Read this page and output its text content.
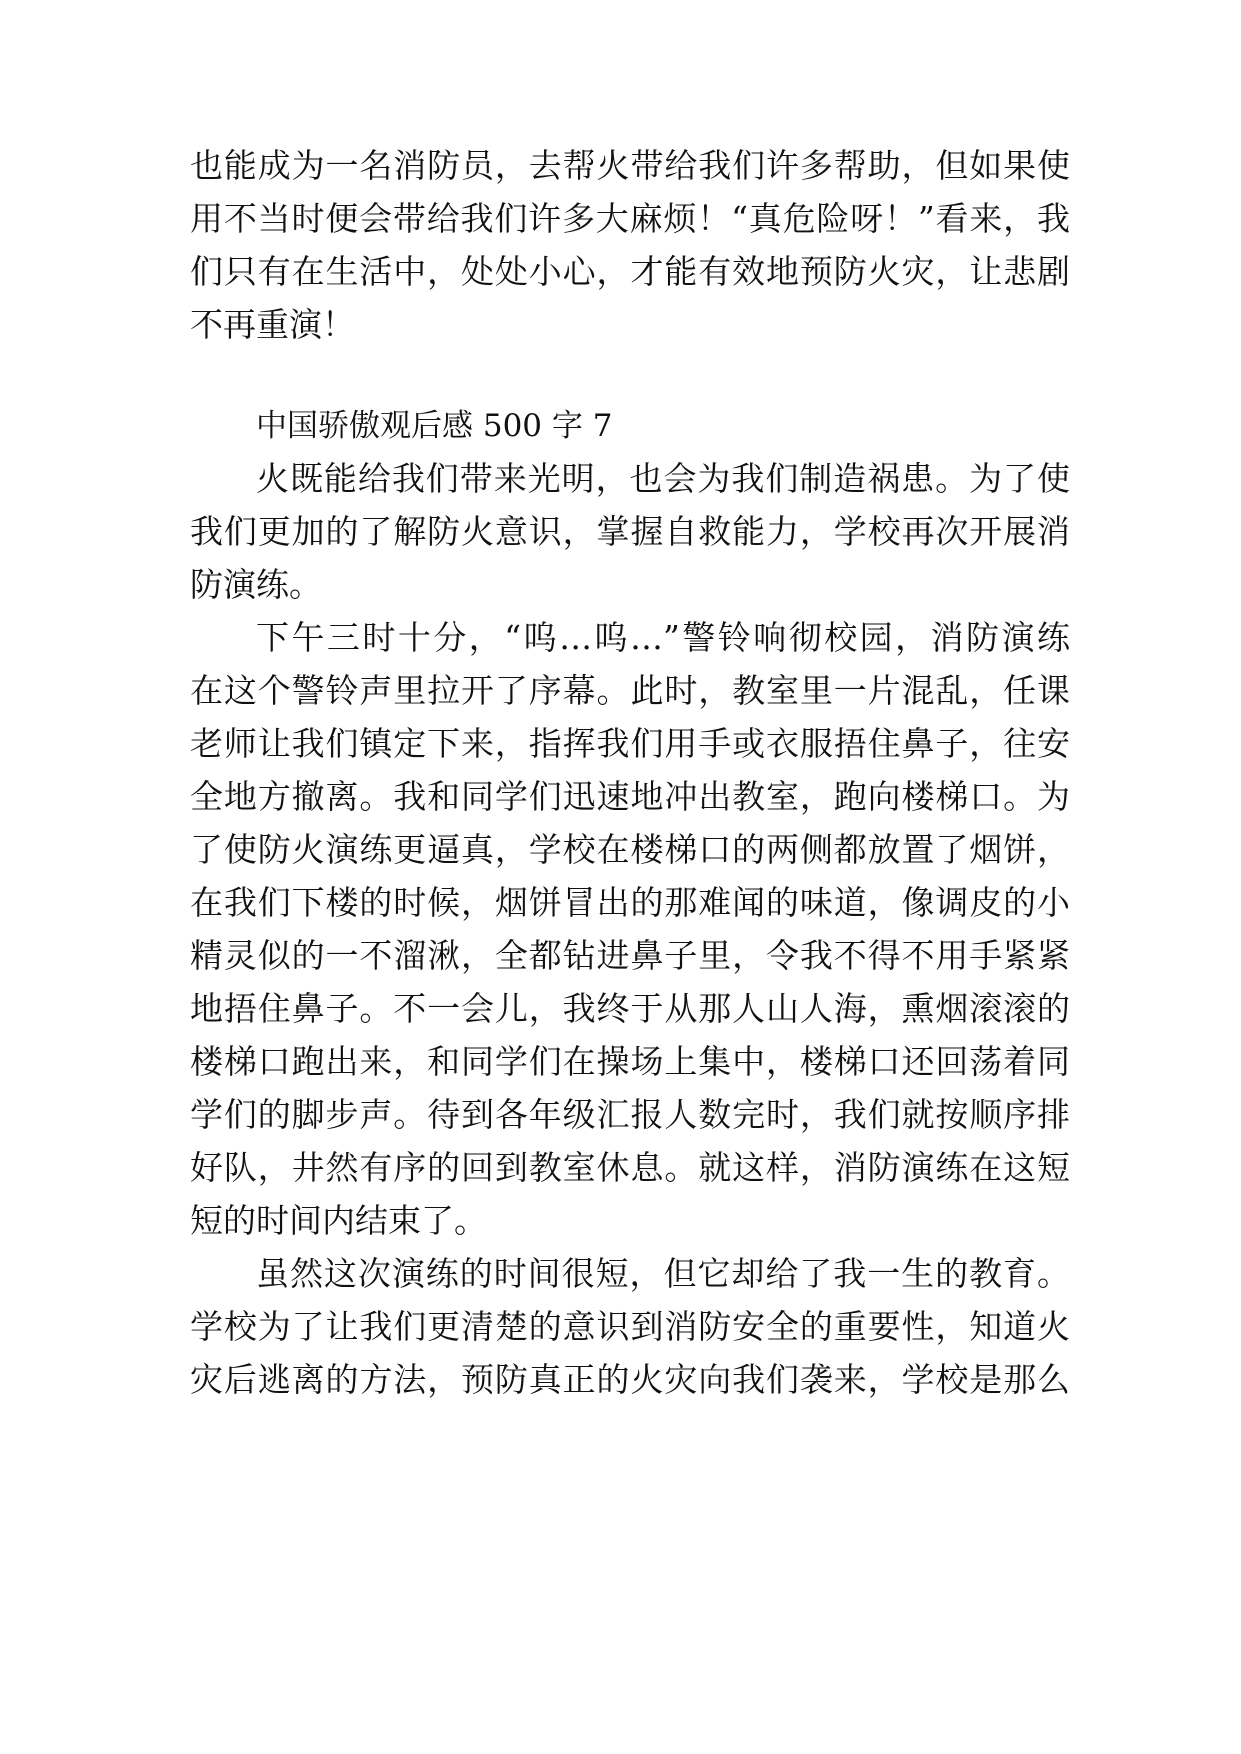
也能成为一名消防员，去帮火带给我们许多帮助，但如果使
用不当时便会带给我们许多大麻烦！“真危险呀！”看来，我
们只有在生活中，处处小心，才能有效地预防火灾，让悲剧
不再重演！
中国骄傲观后感 500 字 7
火既能给我们带来光明，也会为我们制造祸患。为了使
我们更加的了解防火意识，掌握自救能力，学校再次开展消
防演练。
下午三时十分，“呜…呜…”警铃响彻校园，消防演练
在这个警铃声里拉开了序幕。此时，教室里一片混乱，任课
老师让我们镇定下来，指挥我们用手或衣服捂住鼻子，往安
全地方撤离。我和同学们迅速地冲出教室，跑向楼梯口。为
了使防火演练更逼真，学校在楼梯口的两侧都放置了烟饼，
在我们下楼的时候，烟饼冒出的那难闻的味道，像调皮的小
精灵似的一不溜湫，全都钻进鼻子里，令我不得不用手紧紧
地捂住鼻子。不一会儿，我终于从那人山人海，熏烟滚滚的
楼梯口跑出来，和同学们在操场上集中，楼梯口还回荡着同
学们的脚步声。待到各年级汇报人数完时，我们就按顺序排
好队，井然有序的回到教室休息。就这样，消防演练在这短
短的时间内结束了。
虽然这次演练的时间很短，但它却给了我一生的教育。
学校为了让我们更清楚的意识到消防安全的重要性，知道火
灾后逃离的方法，预防真正的火灾向我们袭来，学校是那么
